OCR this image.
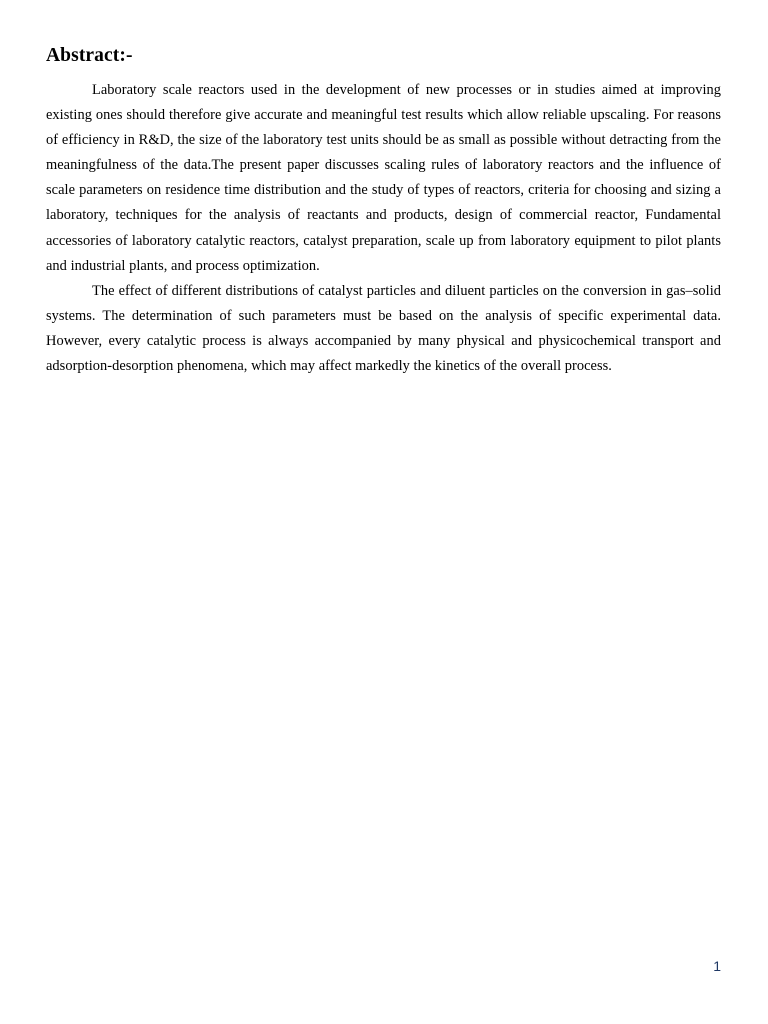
Abstract:-

Laboratory scale reactors used in the development of new processes or in studies aimed at improving existing ones should therefore give accurate and meaningful test results which allow reliable upscaling. For reasons of efficiency in R&D, the size of the laboratory test units should be as small as possible without detracting from the meaningfulness of the data.The present paper discusses scaling rules of laboratory reactors and the influence of scale parameters on residence time distribution and the study of types of reactors, criteria for choosing and sizing a laboratory, techniques for the analysis of reactants and products, design of commercial reactor, Fundamental accessories of laboratory catalytic reactors, catalyst preparation, scale up from laboratory equipment to pilot plants and industrial plants, and process optimization.

The effect of different distributions of catalyst particles and diluent particles on the conversion in gas–solid systems. The determination of such parameters must be based on the analysis of specific experimental data. However, every catalytic process is always accompanied by many physical and physicochemical transport and adsorption-desorption phenomena, which may affect markedly the kinetics of the overall process.

1
